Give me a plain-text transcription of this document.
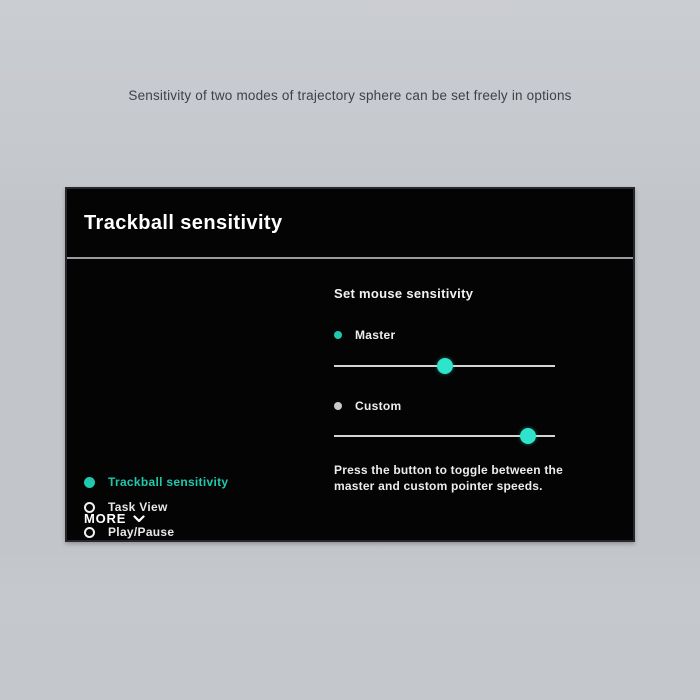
Sensitivity of two modes of trajectory sphere can be set freely in options
Trackball sensitivity
Trackball sensitivity
Task View
Play/Pause
MORE
Set mouse sensitivity
Master
Custom
Press the button to toggle between the
master and custom pointer speeds.
